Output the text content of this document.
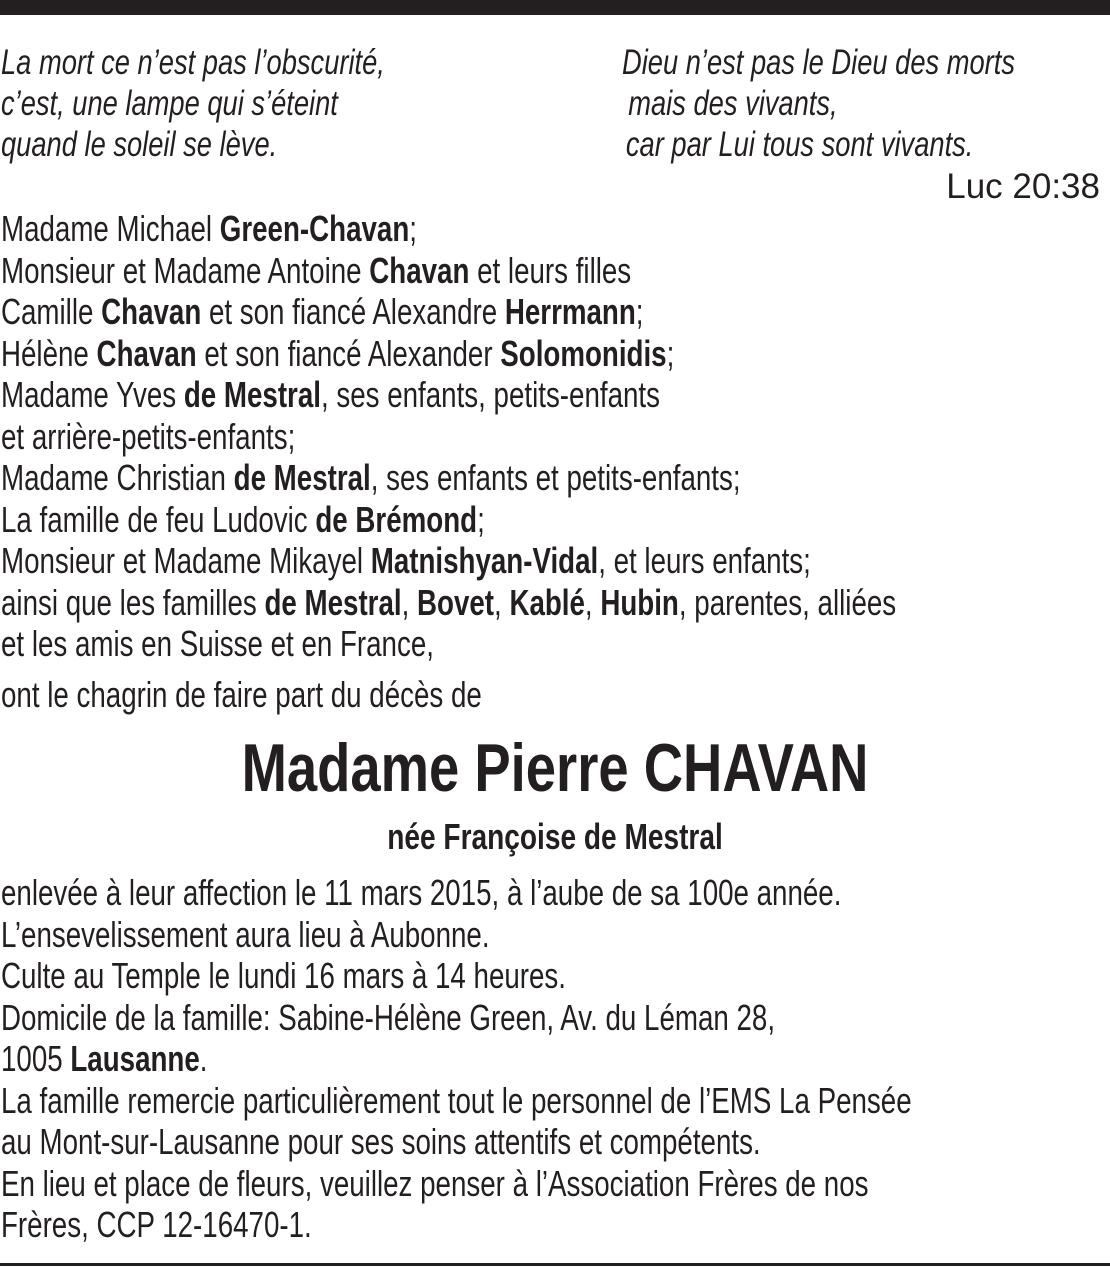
La mort ce n’est pas l’obscurité,
c’est, une lampe qui s’éteint
quand le soleil se lève.
Dieu n’est pas le Dieu des morts
mais des vivants,
car par Lui tous sont vivants.
Luc 20:38
Madame Michael Green-Chavan;
Monsieur et Madame Antoine Chavan et leurs filles
Camille Chavan et son fiancé Alexandre Herrmann;
Hélène Chavan et son fiancé Alexander Solomonidis;
Madame Yves de Mestral, ses enfants, petits-enfants
et arrière-petits-enfants;
Madame Christian de Mestral, ses enfants et petits-enfants;
La famille de feu Ludovic de Brémond;
Monsieur et Madame Mikayel Matnishyan-Vidal, et leurs enfants;
ainsi que les familles de Mestral, Bovet, Kablé, Hubin, parentes, alliées
et les amis en Suisse et en France,
ont le chagrin de faire part du décès de
Madame Pierre CHAVAN
née Françoise de Mestral
enlevée à leur affection le 11 mars 2015, à l’aube de sa 100e année.
L’ensevelissement aura lieu à Aubonne.
Culte au Temple le lundi 16 mars à 14 heures.
Domicile de la famille: Sabine-Hélène Green, Av. du Léman 28,
1005 Lausanne.
La famille remercie particulièrement tout le personnel de l’EMS La Pensée
au Mont-sur-Lausanne pour ses soins attentifs et compétents.
En lieu et place de fleurs, veuillez penser à l’Association Frères de nos
Frères, CCP 12-16470-1.
